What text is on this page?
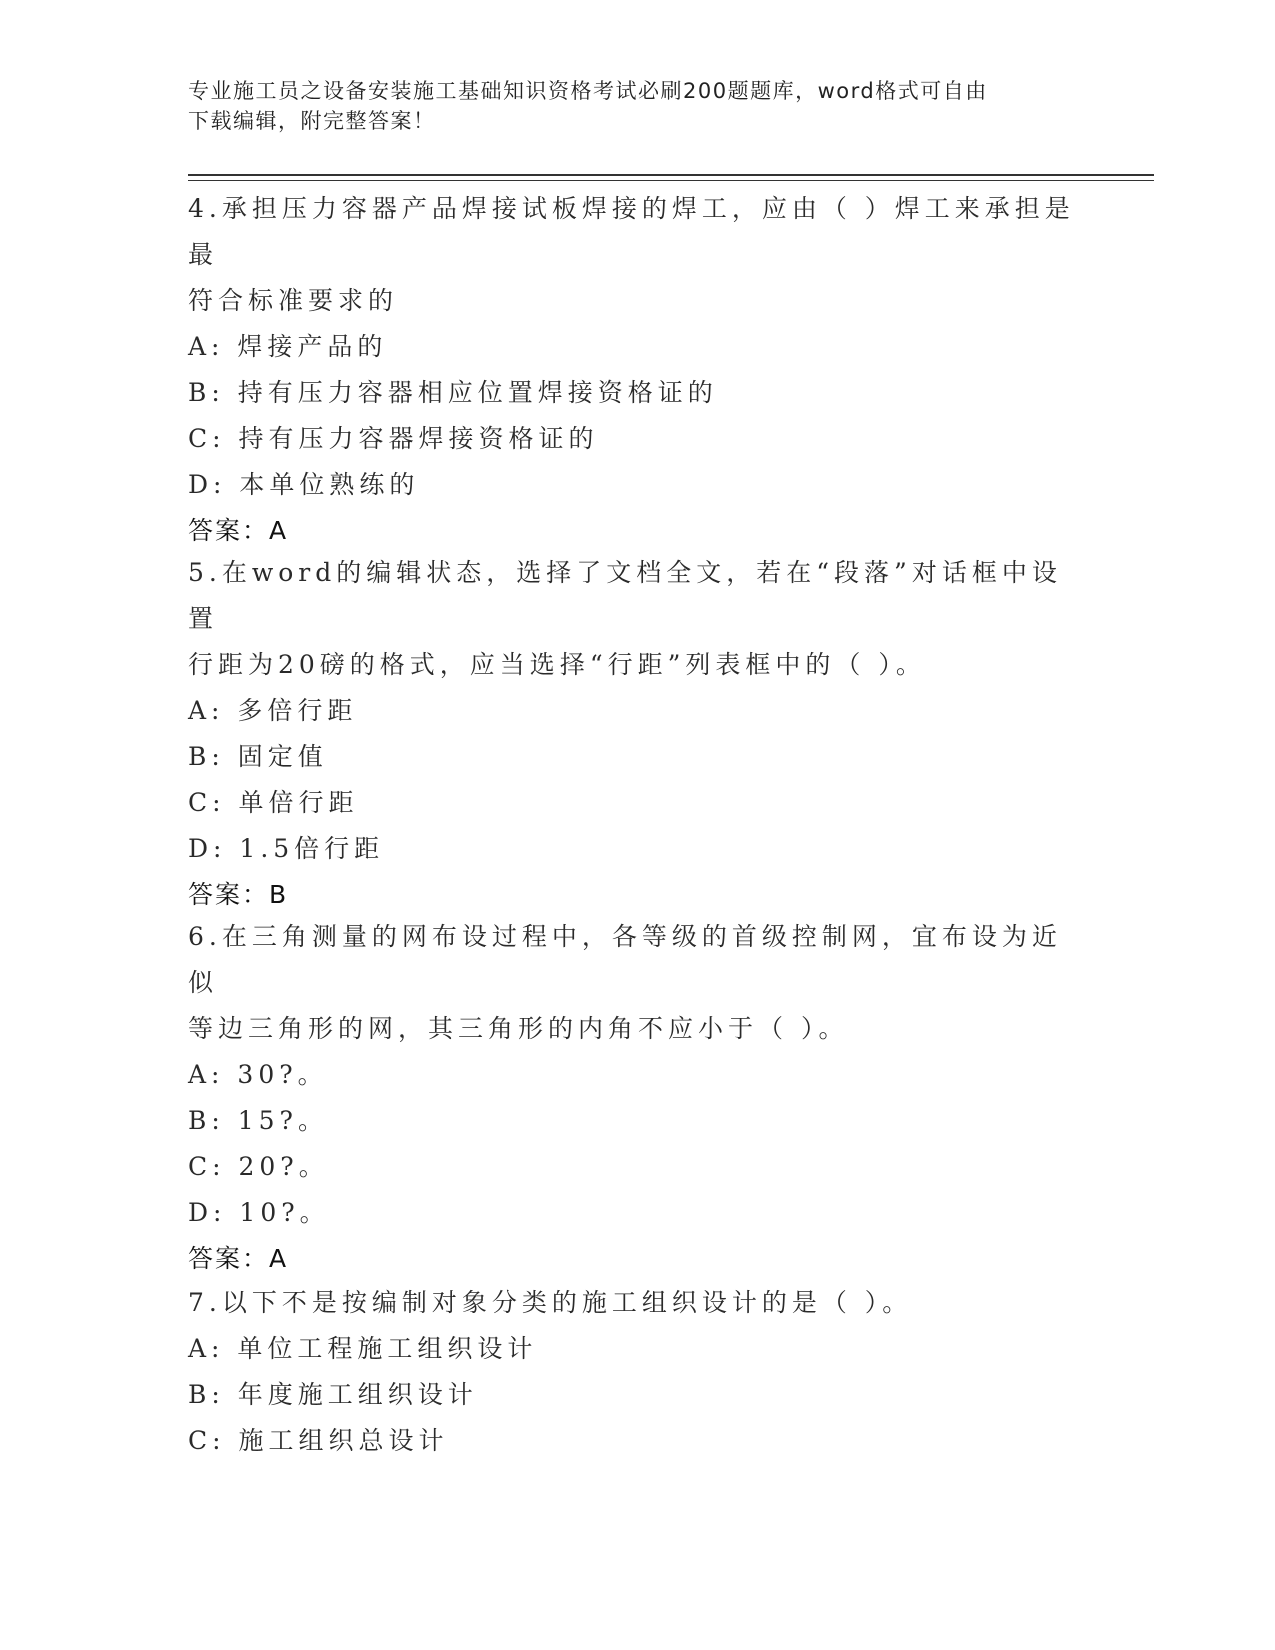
专业施工员之设备安装施工基础知识资格考试必刷200题题库，word格式可自由
下载编辑，附完整答案！

4.承担压力容器产品焊接试板焊接的焊工，应由（ ）焊工来承担是最

符合标准要求的

A: 焊接产品的
B: 持有压力容器相应位置焊接资格证的
C: 持有压力容器焊接资格证的
D: 本单位熟练的
答案：A

5.在word的编辑状态，选择了文档全文，若在“段落”对话框中设置

行距为20磅的格式，应当选择“行距”列表框中的（ ）。

A: 多倍行距
B: 固定值
C: 单倍行距
D: 1.5倍行距
答案：B

6.在三角测量的网布设过程中，各等级的首级控制网，宜布设为近似

等边三角形的网，其三角形的内角不应小于（ ）。

A: 30?。
B: 15?。
C: 20?。
D: 10?。
答案：A

7.以下不是按编制对象分类的施工组织设计的是（ ）。

A: 单位工程施工组织设计
B: 年度施工组织设计
C: 施工组织总设计
